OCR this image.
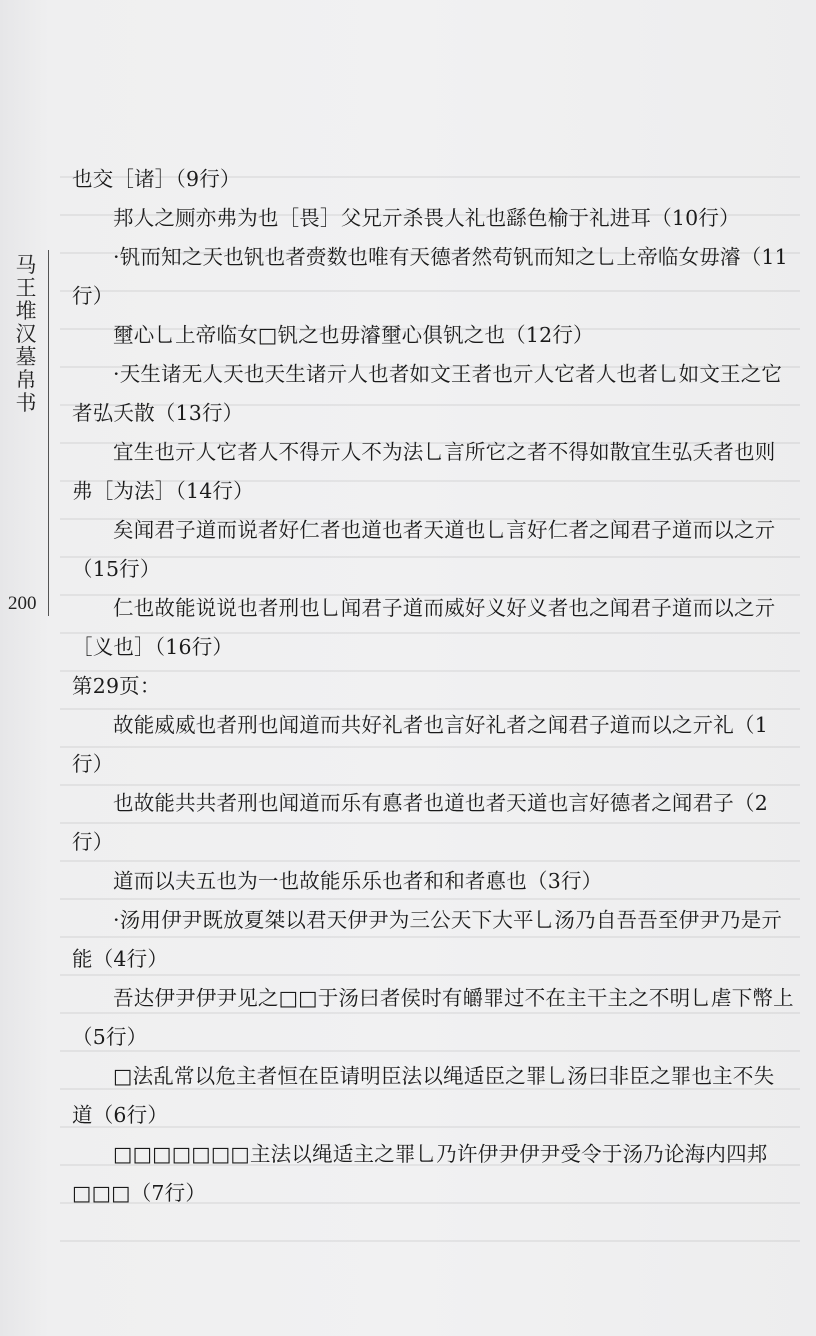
马王堆汉墓帛书
200

也交［诸］（9行）

邦人之厕亦弗为也［畏］父兄亓杀畏人礼也繇色榆于礼进耳（10行）

·钒而知之天也钒也者赍数也唯有天德者然苟钒而知之乚上帝临女毋濬（11行）

壐心乚上帝临女□钒之也毋濬壐心俱钒之也（12行）

·天生诸无人天也天生诸亓人也者如文王者也亓人它者人也者乚如文王之它者弘夭散（13行）

宜生也亓人它者人不得亓人不为法乚言所它之者不得如散宜生弘夭者也则弗［为法］（14行）

矣闻君子道而说者好仁者也道也者天道也乚言好仁者之闻君子道而以之亓（15行）

仁也故能说说也者刑也乚闻君子道而威好义好义者也之闻君子道而以之亓［义也］（16行）

第29页：

故能威威也者刑也闻道而共好礼者也言好礼者之闻君子道而以之亓礼（1行）

也故能共共者刑也闻道而乐有悳者也道也者天道也言好德者之闻君子（2行）

道而以夫五也为一也故能乐乐也者和和者悳也（3行）

·汤用伊尹既放夏桀以君天伊尹为三公天下大平乚汤乃自吾吾至伊尹乃是亓能（4行）

吾达伊尹伊尹见之□□于汤曰者侯时有皭罪过不在主干主之不明乚虐下幣上（5行）

□法乱常以危主者恒在臣请明臣法以绳适臣之罪乚汤曰非臣之罪也主不失道（6行）

□□□□□□□主法以绳适主之罪乚乃许伊尹伊尹受令于汤乃论海内四邦□□□（7行）
